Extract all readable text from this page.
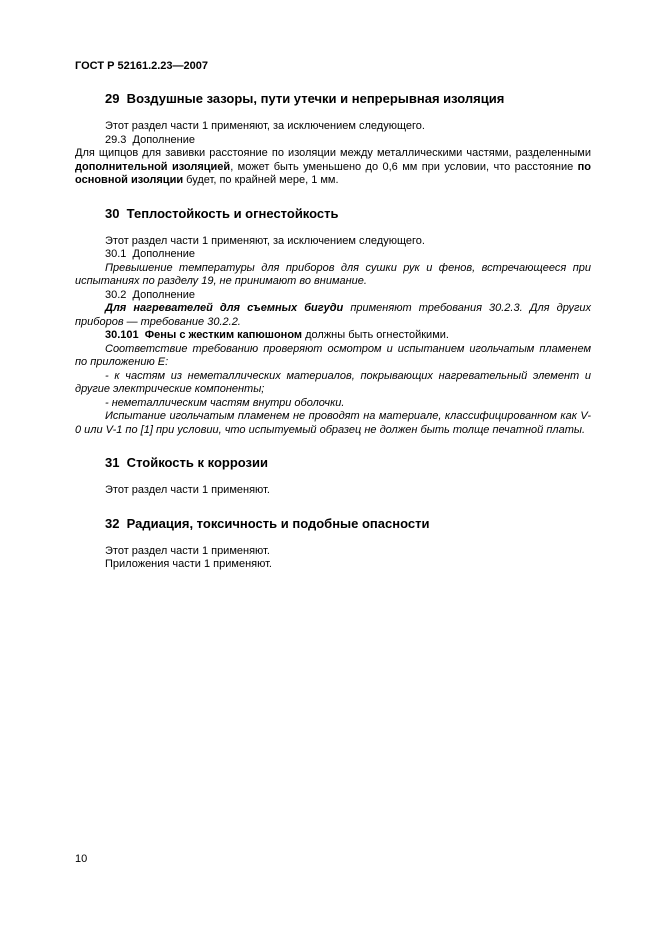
ГОСТ Р 52161.2.23—2007
29  Воздушные зазоры, пути утечки и непрерывная изоляция

Этот раздел части 1 применяют, за исключением следующего.

29.3  Дополнение

Для щипцов для завивки расстояние по изоляции между металлическими частями, разделенными дополнительной изоляцией, может быть уменьшено до 0,6 мм при условии, что расстояние по основной изоляции будет, по крайней мере, 1 мм.

30  Теплостойкость и огнестойкость

Этот раздел части 1 применяют, за исключением следующего.

30.1  Дополнение

Превышение температуры для приборов для сушки рук и фенов, встречающееся при испытаниях по разделу 19, не принимают во внимание.

30.2  Дополнение

Для нагревателей для съемных бигуди применяют требования 30.2.3. Для других приборов — требование 30.2.2.

30.101  Фены с жестким капюшоном должны быть огнестойкими.

Соответствие требованию проверяют осмотром и испытанием игольчатым пламенем по приложению Е:

- к частям из неметаллических материалов, покрывающих нагревательный элемент и другие электрические компоненты;

- неметаллическим частям внутри оболочки.

Испытание игольчатым пламенем не проводят на материале, классифицированном как V-0 или V-1 по [1] при условии, что испытуемый образец не должен быть толще печатной платы.

31  Стойкость к коррозии

Этот раздел части 1 применяют.

32  Радиация, токсичность и подобные опасности

Этот раздел части 1 применяют.

Приложения части 1 применяют.

10
